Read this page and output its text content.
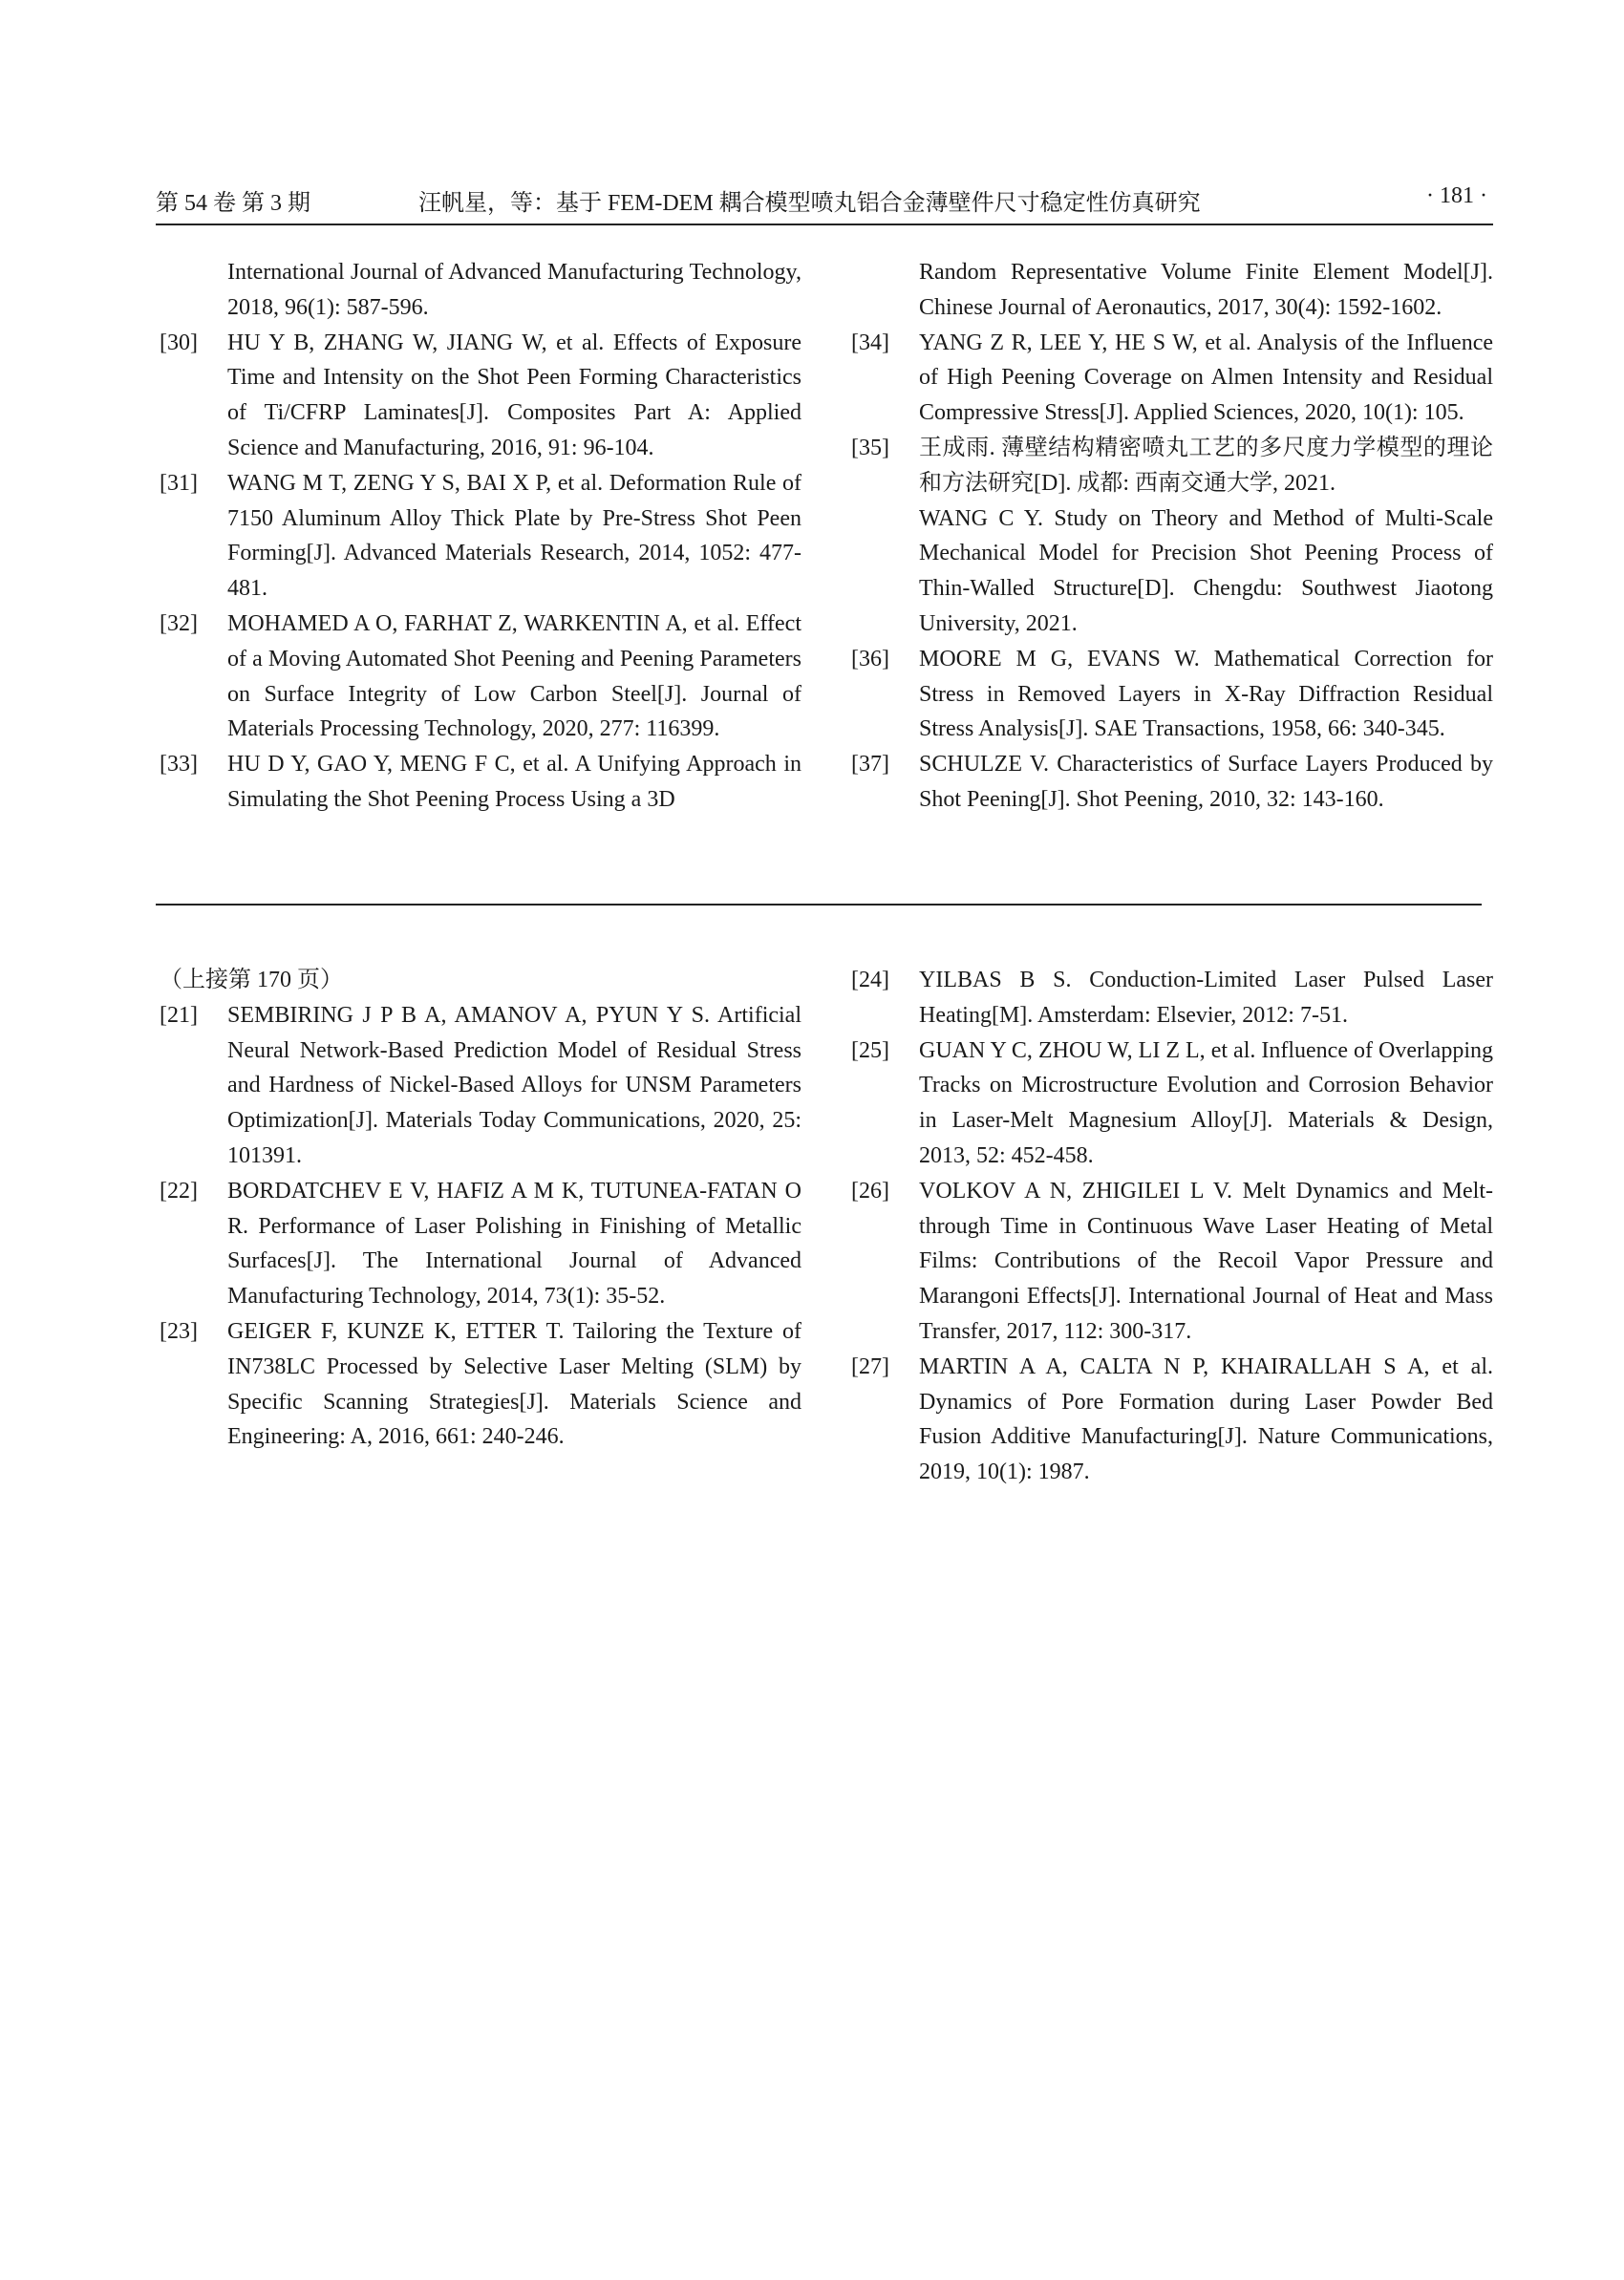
第 54 卷 第 3 期	汪帆星，等：基于 FEM-DEM 耦合模型喷丸铝合金薄壁件尺寸稳定性仿真研究	· 181 ·
International Journal of Advanced Manufacturing Technology, 2018, 96(1): 587-596.
[30] HU Y B, ZHANG W, JIANG W, et al. Effects of Exposure Time and Intensity on the Shot Peen Forming Characteristics of Ti/CFRP Laminates[J]. Composites Part A: Applied Science and Manufacturing, 2016, 91: 96-104.
[31] WANG M T, ZENG Y S, BAI X P, et al. Deformation Rule of 7150 Aluminum Alloy Thick Plate by Pre-Stress Shot Peen Forming[J]. Advanced Materials Research, 2014, 1052: 477-481.
[32] MOHAMED A O, FARHAT Z, WARKENTIN A, et al. Effect of a Moving Automated Shot Peening and Peening Parameters on Surface Integrity of Low Carbon Steel[J]. Journal of Materials Processing Technology, 2020, 277: 116399.
[33] HU D Y, GAO Y, MENG F C, et al. A Unifying Approach in Simulating the Shot Peening Process Using a 3D
Random Representative Volume Finite Element Model[J]. Chinese Journal of Aeronautics, 2017, 30(4): 1592-1602.
[34] YANG Z R, LEE Y, HE S W, et al. Analysis of the Influence of High Peening Coverage on Almen Intensity and Residual Compressive Stress[J]. Applied Sciences, 2020, 10(1): 105.
[35] 王成雨. 薄壁结构精密喷丸工艺的多尺度力学模型的理论和方法研究[D]. 成都: 西南交通大学, 2021.
WANG C Y. Study on Theory and Method of Multi-Scale Mechanical Model for Precision Shot Peening Process of Thin-Walled Structure[D]. Chengdu: Southwest Jiaotong University, 2021.
[36] MOORE M G, EVANS W. Mathematical Correction for Stress in Removed Layers in X-Ray Diffraction Residual Stress Analysis[J]. SAE Transactions, 1958, 66: 340-345.
[37] SCHULZE V. Characteristics of Surface Layers Produced by Shot Peening[J]. Shot Peening, 2010, 32: 143-160.
（上接第 170 页）
[21] SEMBIRING J P B A, AMANOV A, PYUN Y S. Artificial Neural Network-Based Prediction Model of Residual Stress and Hardness of Nickel-Based Alloys for UNSM Parameters Optimization[J]. Materials Today Communications, 2020, 25: 101391.
[22] BORDATCHEV E V, HAFIZ A M K, TUTUNEA-FATAN O R. Performance of Laser Polishing in Finishing of Metallic Surfaces[J]. The International Journal of Advanced Manufacturing Technology, 2014, 73(1): 35-52.
[23] GEIGER F, KUNZE K, ETTER T. Tailoring the Texture of IN738LC Processed by Selective Laser Melting (SLM) by Specific Scanning Strategies[J]. Materials Science and Engineering: A, 2016, 661: 240-246.
[24] YILBAS B S. Conduction-Limited Laser Pulsed Laser Heating[M]. Amsterdam: Elsevier, 2012: 7-51.
[25] GUAN Y C, ZHOU W, LI Z L, et al. Influence of Overlapping Tracks on Microstructure Evolution and Corrosion Behavior in Laser-Melt Magnesium Alloy[J]. Materials & Design, 2013, 52: 452-458.
[26] VOLKOV A N, ZHIGILEI L V. Melt Dynamics and Melt-through Time in Continuous Wave Laser Heating of Metal Films: Contributions of the Recoil Vapor Pressure and Marangoni Effects[J]. International Journal of Heat and Mass Transfer, 2017, 112: 300-317.
[27] MARTIN A A, CALTA N P, KHAIRALLAH S A, et al. Dynamics of Pore Formation during Laser Powder Bed Fusion Additive Manufacturing[J]. Nature Communications, 2019, 10(1): 1987.
